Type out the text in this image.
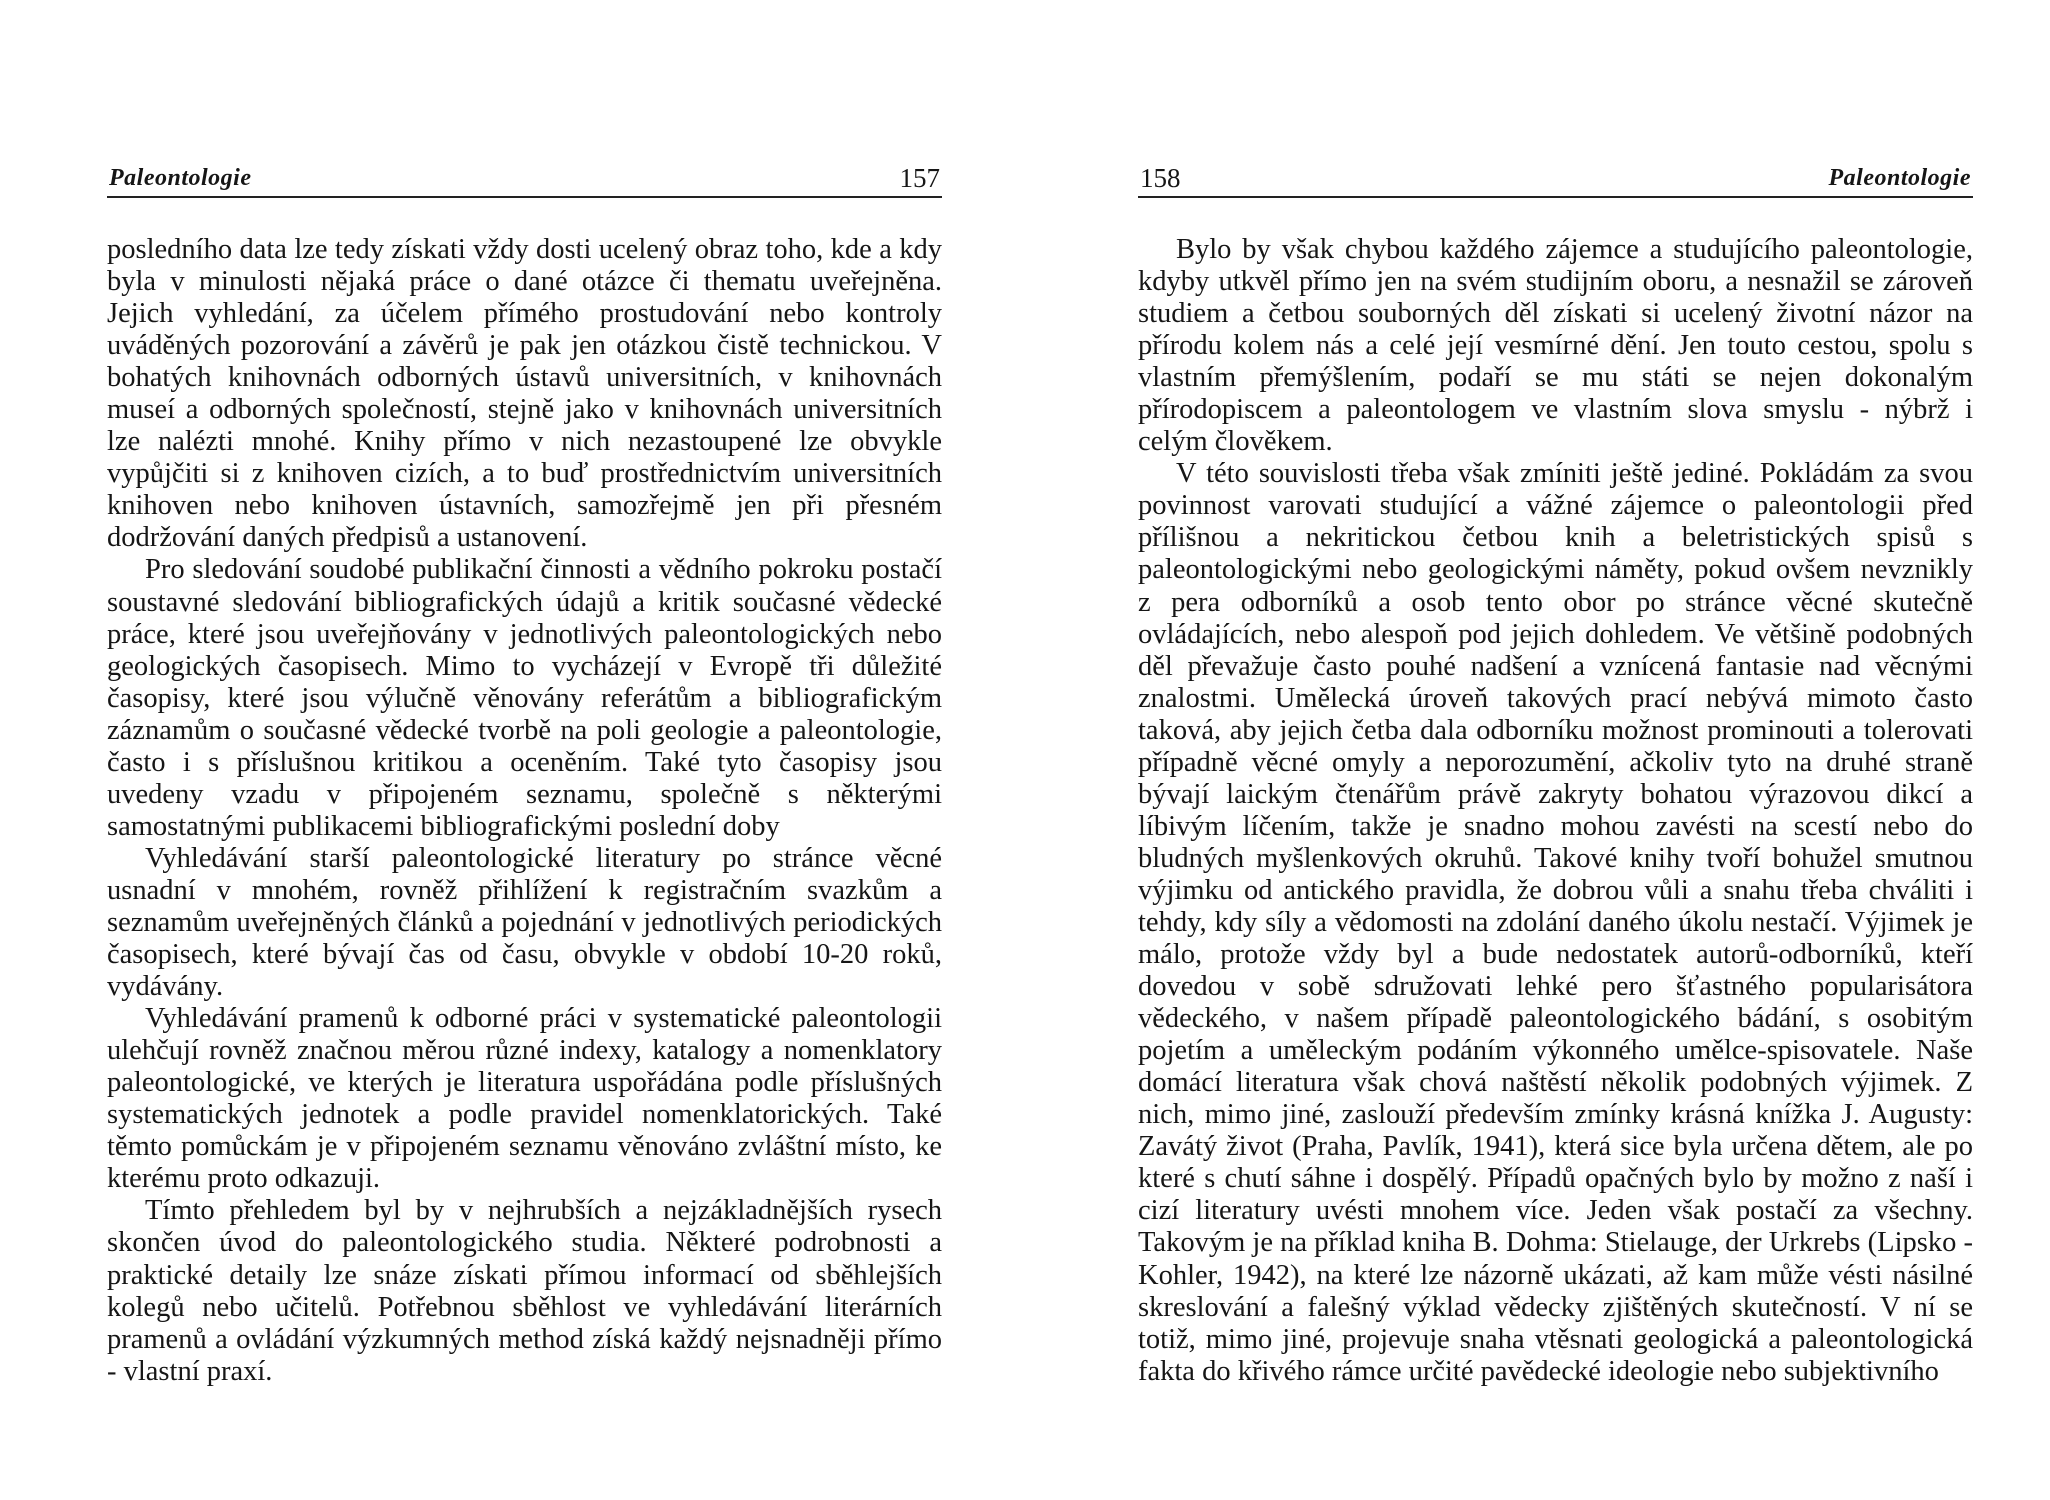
Paleontologie	157

posledního data lze tedy získati vždy dosti ucelený obraz toho, kde a kdy byla v minulosti nějaká práce o dané otázce či thematu uveřejněna. Jejich vyhledání, za účelem přímého prostudování nebo kontroly uváděných pozorování a závěrů je pak jen otázkou čistě technickou. V bohatých knihovnách odborných ústavů universitních, v knihovnách museí a odborných společností, stejně jako v knihovnách universitních lze nalézti mnohé. Knihy přímo v nich nezastoupené lze obvykle vypůjčiti si z knihoven cizích, a to buď prostřednictvím universitních knihoven nebo knihoven ústavních, samozřejmě jen při přesném dodržování daných předpisů a ustanovení.

Pro sledování soudobé publikační činnosti a vědního pokroku postačí soustavné sledování bibliografických údajů a kritik současné vědecké práce, které jsou uveřejňovány v jednotlivých paleontologických nebo geologických časopisech. Mimo to vycházejí v Evropě tři důležité časopisy, které jsou výlučně věnovány referátům a bibliografickým záznamům o současné vědecké tvorbě na poli geologie a paleontologie, často i s příslušnou kritikou a oceněním. Také tyto časopisy jsou uvedeny vzadu v připojeném seznamu, společně s některými samostatnými publikacemi bibliografickými poslední doby

Vyhledávání starší paleontologické literatury po stránce věcné usnadní v mnohém, rovněž přihlížení k registračním svazkům a seznamům uveřejněných článků a pojednání v jednotlivých periodických časopisech, které bývají čas od času, obvykle v období 10-20 roků, vydávány.

Vyhledávání pramenů k odborné práci v systematické paleontologii ulehčují rovněž značnou měrou různé indexy, katalogy a nomenklatory paleontologické, ve kterých je literatura uspořádána podle příslušných systematických jednotek a podle pravidel nomenklatorických. Také těmto pomůckám je v připojeném seznamu věnováno zvláštní místo, ke kterému proto odkazuji.

Tímto přehledem byl by v nejhrubších a nejzákladnějších rysech skončen úvod do paleontologického studia. Některé podrobnosti a praktické detaily lze snáze získati přímou informací od sběhlejších kolegů nebo učitelů. Potřebnou sběhlost ve vyhledávání literárních pramenů a ovládání výzkumných method získá každý nejsnadněji přímo - vlastní praxí.

158	Paleontologie

Bylo by však chybou každého zájemce a studujícího paleontologie, kdyby utkvěl přímo jen na svém studijním oboru, a nesnažil se zároveň studiem a četbou souborných děl získati si ucelený životní názor na přírodu kolem nás a celé její vesmírné dění. Jen touto cestou, spolu s vlastním přemýšlením, podaří se mu státi se nejen dokonalým přírodopiscem a paleontologem ve vlastním slova smyslu - nýbrž i celým člověkem.

V této souvislosti třeba však zmíniti ještě jediné. Pokládám za svou povinnost varovati studující a vážné zájemce o paleontologii před přílišnou a nekritickou četbou knih a beletristických spisů s paleontologickými nebo geologickými náměty, pokud ovšem nevznikly z pera odborníků a osob tento obor po stránce věcné skutečně ovládajících, nebo alespoň pod jejich dohledem. Ve většině podobných děl převažuje často pouhé nadšení a vznícená fantasie nad věcnými znalostmi. Umělecká úroveň takových prací nebývá mimoto často taková, aby jejich četba dala odborníku možnost prominouti a tolerovati případně věcné omyly a neporozumění, ačkoliv tyto na druhé straně bývají laickým čtenářům právě zakryty bohatou výrazovou dikcí a líbivým líčením, takže je snadno mohou zavésti na scestí nebo do bludných myšlenkových okruhů. Takové knihy tvoří bohužel smutnou výjimku od antického pravidla, že dobrou vůli a snahu třeba chváliti i tehdy, kdy síly a vědomosti na zdolání daného úkolu nestačí. Výjimek je málo, protože vždy byl a bude nedostatek autorů-odborníků, kteří dovedou v sobě sdružovati lehké pero šťastného popularisátora vědeckého, v našem případě paleontologického bádání, s osobitým pojetím a uměleckým podáním výkonného umělce-spisovatele. Naše domácí literatura však chová naštěstí několik podobných výjimek. Z nich, mimo jiné, zaslouží především zmínky krásná knížka J. Augusty: Zavátý život (Praha, Pavlík, 1941), která sice byla určena dětem, ale po které s chutí sáhne i dospělý. Případů opačných bylo by možno z naší i cizí literatury uvésti mnohem více. Jeden však postačí za všechny. Takovým je na příklad kniha B. Dohma: Stielauge, der Urkrebs (Lipsko - Kohler, 1942), na které lze názorně ukázati, až kam může vésti násilné skreslování a falešný výklad vědecky zjištěných skutečností. V ní se totiž, mimo jiné, projevuje snaha vtěsnati geologická a paleontologická fakta do křivého rámce určité pavědecké ideologie nebo subjektivního
